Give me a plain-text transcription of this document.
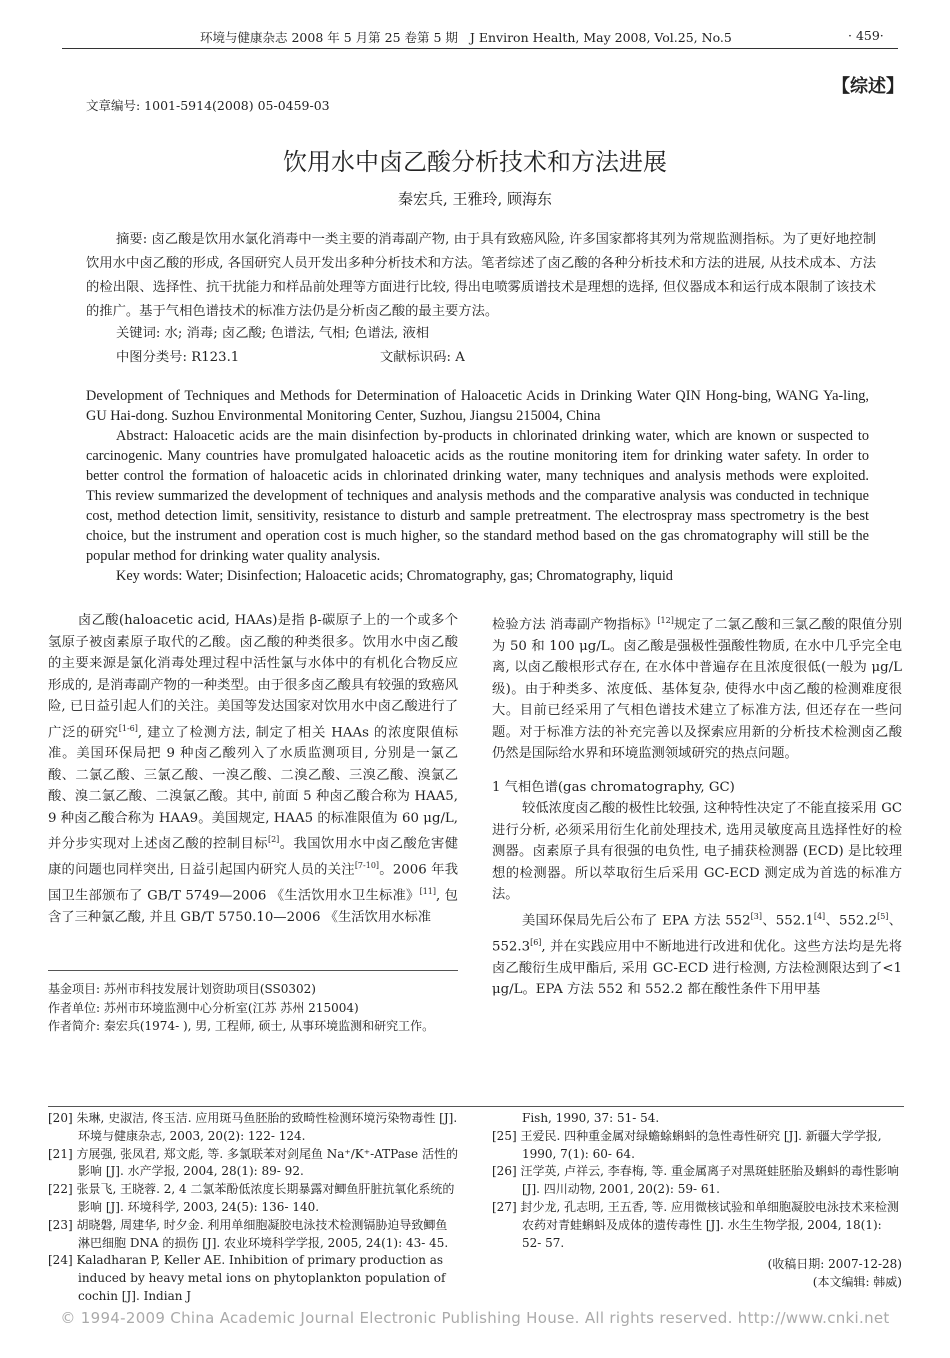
环境与健康杂志 2008 年 5 月第 25 卷第 5 期 J Environ Health, May 2008, Vol.25, No.5	· 459·
【综述】
文章编号: 1001-5914(2008) 05-0459-03
饮用水中卤乙酸分析技术和方法进展
秦宏兵, 王雅玲, 顾海东
摘要: 卤乙酸是饮用水氯化消毒中一类主要的消毒副产物, 由于具有致癌风险, 许多国家都将其列为常规监测指标。为了更好地控制饮用水中卤乙酸的形成, 各国研究人员开发出多种分析技术和方法。笔者综述了卤乙酸的各种分析技术和方法的进展, 从技术成本、方法的检出限、选择性、抗干扰能力和样品前处理等方面进行比较, 得出电喷雾质谱技术是理想的选择, 但仪器成本和运行成本限制了该技术的推广。基于气相色谱技术的标准方法仍是分析卤乙酸的最主要方法。
关键词: 水; 消毒; 卤乙酸; 色谱法, 气相; 色谱法, 液相
中图分类号: R123.1	文献标识码: A

Development of Techniques and Methods for Determination of Haloacetic Acids in Drinking Water QIN Hong-bing, WANG Ya-ling, GU Hai-dong. Suzhou Environmental Monitoring Center, Suzhou, Jiangsu 215004, China

Abstract: Haloacetic acids are the main disinfection by-products in chlorinated drinking water, which are known or suspected to carcinogenic. Many countries have promulgated haloacetic acids as the routine monitoring item for drinking water safety. In order to better control the formation of haloacetic acids in chlorinated drinking water, many techniques and analysis methods were exploited. This review summarized the development of techniques and analysis methods and the comparative analysis was conducted in technique cost, method detection limit, sensitivity, resistance to disturb and sample pretreatment. The electrospray mass spectrometry is the best choice, but the instrument and operation cost is much higher, so the standard method based on the gas chromatography will still be the popular method for drinking water quality analysis.

Key words: Water; Disinfection; Haloacetic acids; Chromatography, gas; Chromatography, liquid

卤乙酸(haloacetic acid, HAAs)是指 β-碳原子上的一个或多个氢原子被卤素原子取代的乙酸。卤乙酸的种类很多。饮用水中卤乙酸的主要来源是氯化消毒处理过程中活性氯与水体中的有机化合物反应形成的, 是消毒副产物的一种类型。由于很多卤乙酸具有较强的致癌风险, 已日益引起人们的关注。美国等发达国家对饮用水中卤乙酸进行了广泛的研究[1-6], 建立了检测方法, 制定了相关 HAAs 的浓度限值标准。美国环保局把 9 种卤乙酸列入了水质监测项目, 分别是一氯乙酸、二氯乙酸、三氯乙酸、一溴乙酸、二溴乙酸、三溴乙酸、溴氯乙酸、溴二氯乙酸、二溴氯乙酸。其中, 前面 5 种卤乙酸合称为 HAA5, 9 种卤乙酸合称为 HAA9。美国规定, HAA5 的标准限值为 60 μg/L, 并分步实现对上述卤乙酸的控制目标[2]。我国饮用水中卤乙酸危害健康的问题也同样突出, 日益引起国内研究人员的关注[7-10]。2006 年我国卫生部颁布了 GB/T 5749—2006 《生活饮用水卫生标准》[11], 包含了三种氯乙酸, 并且 GB/T 5750.10—2006 《生活饮用水标准

基金项目: 苏州市科技发展计划资助项目(SS0302)
作者单位: 苏州市环境监测中心分析室(江苏 苏州 215004)
作者简介: 秦宏兵(1974- ), 男, 工程师, 硕士, 从事环境监测和研究工作。

检验方法 消毒副产物指标》[12]规定了二氯乙酸和三氯乙酸的限值分别为 50 和 100 μg/L。卤乙酸是强极性强酸性物质, 在水中几乎完全电离, 以卤乙酸根形式存在, 在水体中普遍存在且浓度很低(一般为 μg/L 级)。由于种类多、浓度低、基体复杂, 使得水中卤乙酸的检测难度很大。目前已经采用了气相色谱技术建立了标准方法, 但还存在一些问题。对于标准方法的补充完善以及探索应用新的分析技术检测卤乙酸仍然是国际给水界和环境监测领域研究的热点问题。

1 气相色谱(gas chromatography, GC)

较低浓度卤乙酸的极性比较强, 这种特性决定了不能直接采用 GC 进行分析, 必须采用衍生化前处理技术, 选用灵敏度高且选择性好的检测器。卤素原子具有很强的电负性, 电子捕获检测器 (ECD) 是比较理想的检测器。所以萃取衍生后采用 GC-ECD 测定成为首选的标准方法。

美国环保局先后公布了 EPA 方法 552[3]、552.1[4]、552.2[5]、552.3[6], 并在实践应用中不断地进行改进和优化。这些方法均是先将卤乙酸衍生成甲酯后, 采用 GC-ECD 进行检测, 方法检测限达到了<1 μg/L。EPA 方法 552 和 552.2 都在酸性条件下用甲基

[20] 朱琳, 史淑洁, 佟玉洁. 应用斑马鱼胚胎的致畸性检测环境污染物毒性 [J]. 环境与健康杂志, 2003, 20(2): 122- 124.
[21] 方展强, 张凤君, 郑文彪, 等. 多氯联苯对剑尾鱼 Na⁺/K⁺-ATPase 活性的影响 [J]. 水产学报, 2004, 28(1): 89- 92.
[22] 张景飞, 王晓蓉. 2, 4 二氯苯酚低浓度长期暴露对鲫鱼肝脏抗氧化系统的影响 [J]. 环境科学, 2003, 24(5): 136- 140.
[23] 胡晓磐, 周建华, 时夕金. 利用单细胞凝胶电泳技术检测镉胁迫导致鲫鱼淋巴细胞 DNA 的损伤 [J]. 农业环境科学学报, 2005, 24(1): 43- 45.
[24] Kaladharan P, Keller AE. Inhibition of primary production as induced by heavy metal ions on phytoplankton population of cochin [J]. Indian J
Fish, 1990, 37: 51- 54.
[25] 王爱民. 四种重金属对绿蟾蜍蝌蚪的急性毒性研究 [J]. 新疆大学学报, 1990, 7(1): 60- 64.
[26] 汪学英, 卢祥云, 李春梅, 等. 重金属离子对黑斑蛙胚胎及蝌蚪的毒性影响 [J]. 四川动物, 2001, 20(2): 59- 61.
[27] 封少龙, 孔志明, 王五香, 等. 应用微核试验和单细胞凝胶电泳技术来检测农药对青蛙蝌蚪及成体的遗传毒性 [J]. 水生生物学报, 2004, 18(1): 52- 57.
(收稿日期: 2007-12-28)
(本文编辑: 韩威)
© 1994-2009 China Academic Journal Electronic Publishing House. All rights reserved. http://www.cnki.net
